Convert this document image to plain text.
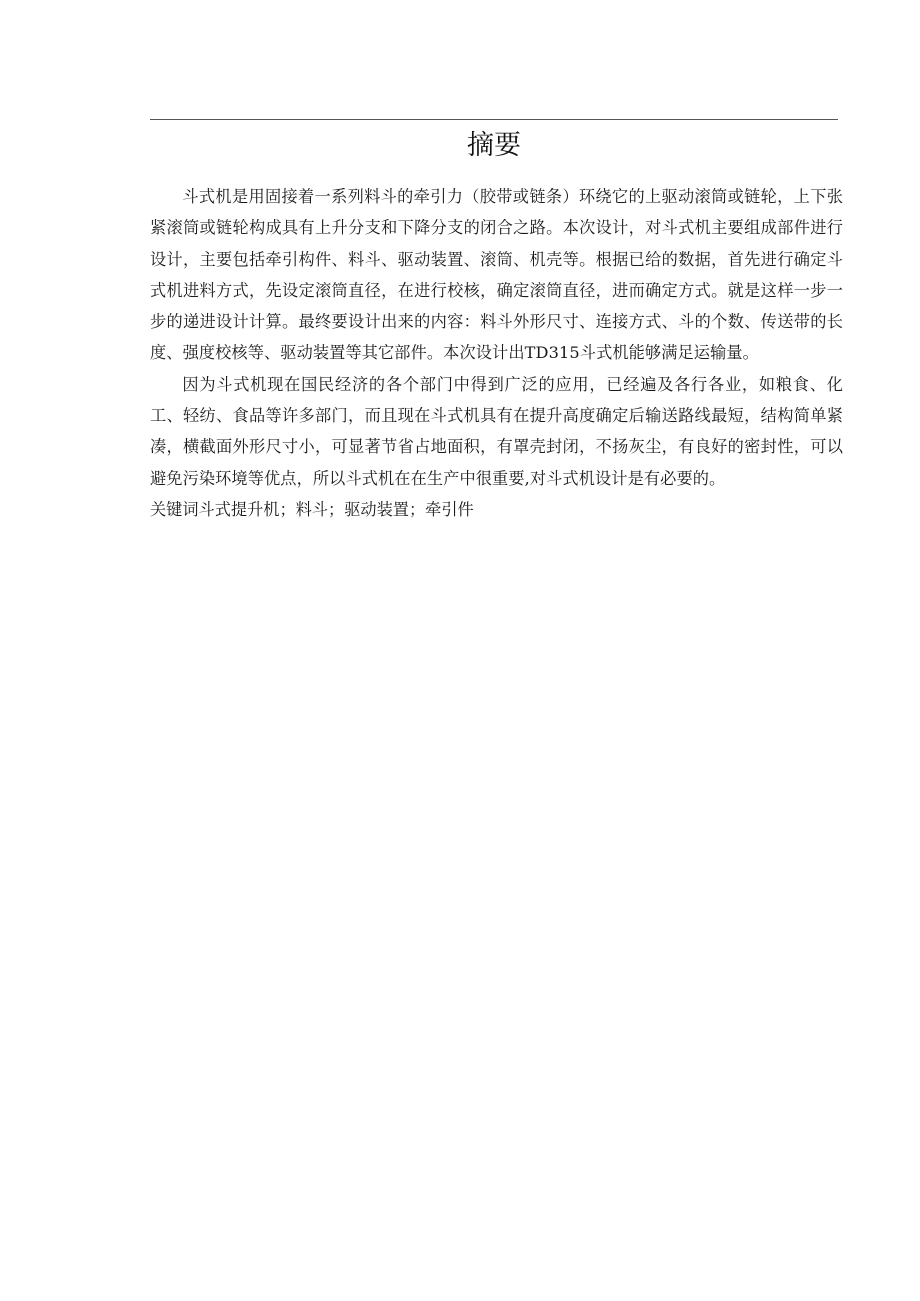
摘要

斗式机是用固接着一系列料斗的牵引力（胶带或链条）环绕它的上驱动滚筒或链轮，上下张紧滚筒或链轮构成具有上升分支和下降分支的闭合之路。本次设计，对斗式机主要组成部件进行设计，主要包括牵引构件、料斗、驱动装置、滚筒、机壳等。根据已给的数据，首先进行确定斗式机进料方式，先设定滚筒直径，在进行校核，确定滚筒直径，进而确定方式。就是这样一步一步的递进设计计算。最终要设计出来的内容：料斗外形尺寸、连接方式、斗的个数、传送带的长度、强度校核等、驱动装置等其它部件。本次设计出TD315斗式机能够满足运输量。

因为斗式机现在国民经济的各个部门中得到广泛的应用，已经遍及各行各业，如粮食、化工、轻纺、食品等许多部门，而且现在斗式机具有在提升高度确定后输送路线最短，结构简单紧凑，横截面外形尺寸小，可显著节省占地面积，有罩壳封闭，不扬灰尘，有良好的密封性，可以避免污染环境等优点，所以斗式机在在生产中很重要,对斗式机设计是有必要的。

关键词斗式提升机；料斗；驱动装置；牵引件
